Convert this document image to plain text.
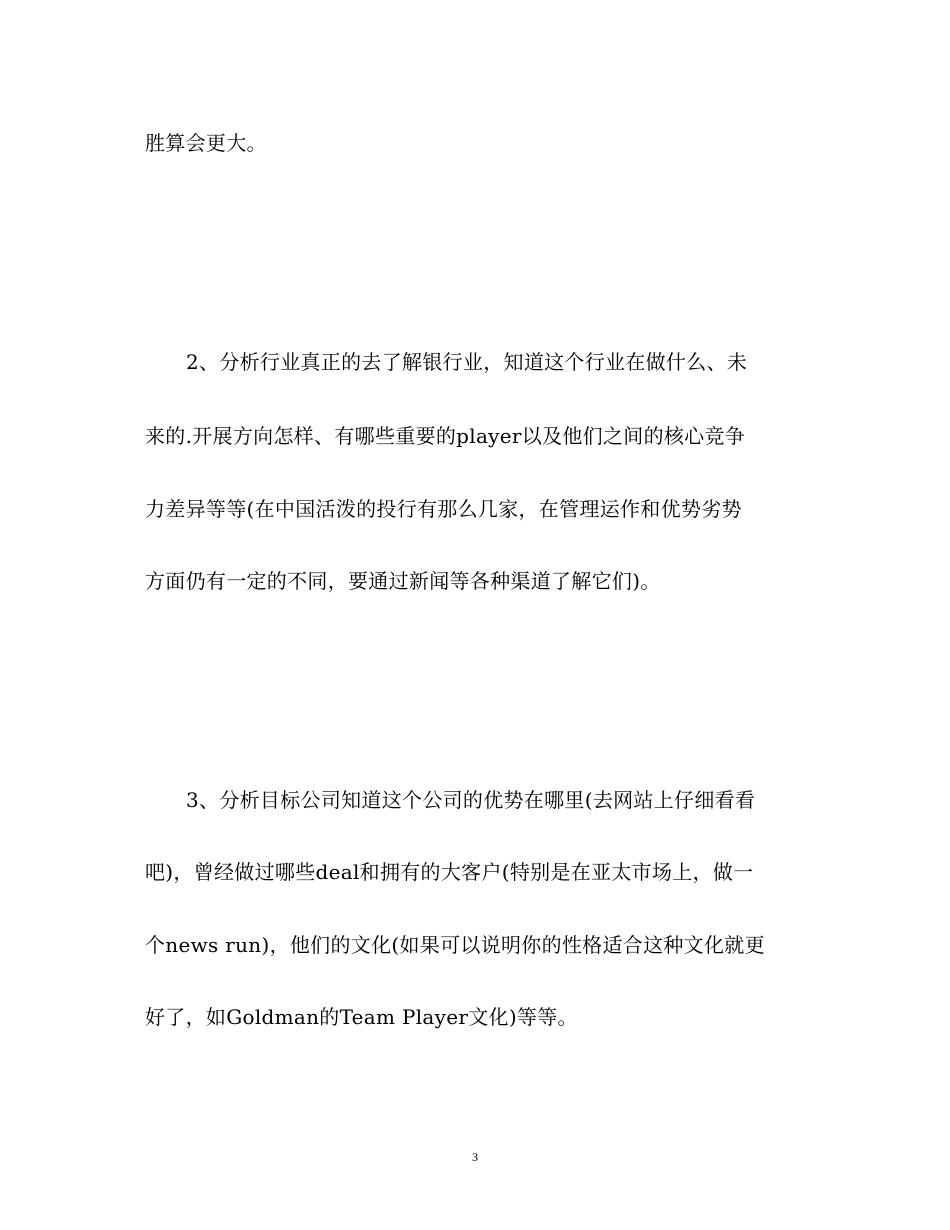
胜算会更大。
2、分析行业真正的去了解银行业，知道这个行业在做什么、未
来的.开展方向怎样、有哪些重要的player以及他们之间的核心竞争
力差异等等(在中国活泼的投行有那么几家，在管理运作和优势劣势
方面仍有一定的不同，要通过新闻等各种渠道了解它们)。
3、分析目标公司知道这个公司的优势在哪里(去网站上仔细看看
吧)，曾经做过哪些deal和拥有的大客户(特别是在亚太市场上，做一
个news run)，他们的文化(如果可以说明你的性格适合这种文化就更
好了，如Goldman的Team Player文化)等等。
3
